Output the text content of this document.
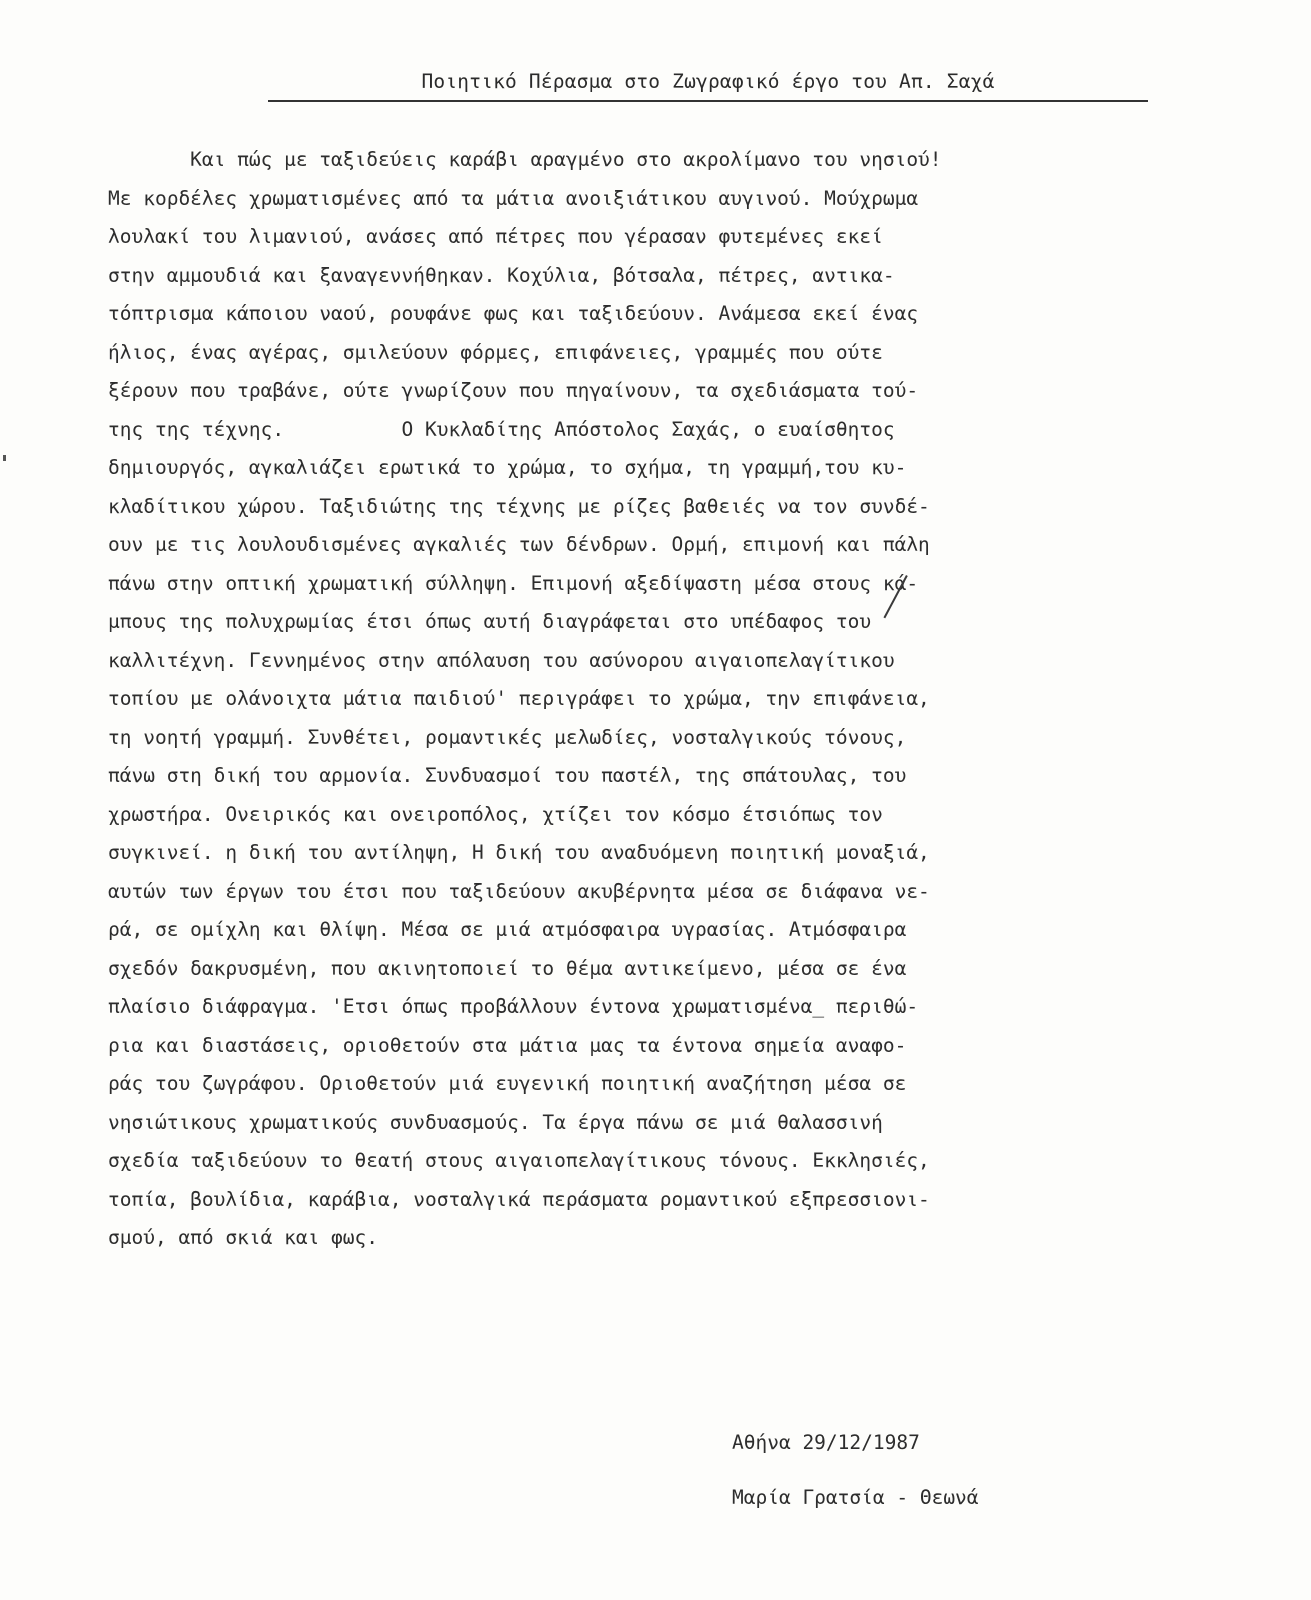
Ποιητικό Πέρασμα στο Ζωγραφικό έργο του Απ. Σαχά
Και πώς με ταξιδεύεις καράβι αραγμένο στο ακρολίμανο του νησιού!
Με κορδέλες χρωματισμένες από τα μάτια ανοιξιάτικου αυγινού. Μούχρωμα
λουλακί του λιμανιού, ανάσες από πέτρες που γέρασαν φυτεμένες εκεί
στην αμμουδιά και ξαναγεννήθηκαν. Κοχύλια, βότσαλα, πέτρες, αντικα-
τόπτρισμα κάποιου ναού, ρουφάνε φως και ταξιδεύουν. Ανάμεσα εκεί ένας
ήλιος, ένας αγέρας, σμιλεύουν φόρμες, επιφάνειες, γραμμές που ούτε
ξέρουν που τραβάνε, ούτε γνωρίζουν που πηγαίνουν, τα σχεδιάσματα τού-
της της τέχνης.          Ο Κυκλαδίτης Απόστολος Σαχάς, ο ευαίσθητος
δημιουργός, αγκαλιάζει ερωτικά το χρώμα, το σχήμα, τη γραμμή,του κυ-
κλαδίτικου χώρου. Ταξιδιώτης της τέχνης με ρίζες βαθειές να τον συνδέ-
ουν με τις λουλουδισμένες αγκαλιές των δένδρων. Ορμή, επιμονή και πάλη
πάνω στην οπτική χρωματική σύλληψη. Επιμονή αξεδίψαστη μέσα στους κά-
μπους της πολυχρωμίας έτσι όπως αυτή διαγράφεται στο υπέδαφος του
καλλιτέχνη. Γεννημένος στην απόλαυση του ασύνορου αιγαιοπελαγίτικου
τοπίου με ολάνοιχτα μάτια παιδιού' περιγράφει το χρώμα, την επιφάνεια,
τη νοητή γραμμή. Συνθέτει, ρομαντικές μελωδίες, νοσταλγικούς τόνους,
πάνω στη δική του αρμονία. Συνδυασμοί του παστέλ, της σπάτουλας, του
χρωστήρα. Ονειρικός και ονειροπόλος, χτίζει τον κόσμο έτσιόπως τον
συγκινεί. η δική του αντίληψη, Η δική του αναδυόμενη ποιητική μοναξιά,
αυτών των έργων του έτσι που ταξιδεύουν ακυβέρνητα μέσα σε διάφανα νε-
ρά, σε ομίχλη και θλίψη. Μέσα σε μιά ατμόσφαιρα υγρασίας. Ατμόσφαιρα
σχεδόν δακρυσμένη, που ακινητοποιεί το θέμα αντικείμενο, μέσα σε ένα
πλαίσιο διάφραγμα. 'Ετσι όπως προβάλλουν έντονα χρωματισμένα_ περιθώ-
ρια και διαστάσεις, οριοθετούν στα μάτια μας τα έντονα σημεία αναφο-
ράς του ζωγράφου. Οριοθετούν μιά ευγενική ποιητική αναζήτηση μέσα σε
νησιώτικους χρωματικούς συνδυασμούς. Τα έργα πάνω σε μιά θαλασσινή
σχεδία ταξιδεύουν το θεατή στους αιγαιοπελαγίτικους τόνους. Εκκλησιές,
τοπία, βουλίδια, καράβια, νοσταλγικά περάσματα ρομαντικού εξπρεσσιονι-
σμού, από σκιά και φως.
Αθήνα 29/12/1987
Μαρία Γρατσία - Θεωνά
